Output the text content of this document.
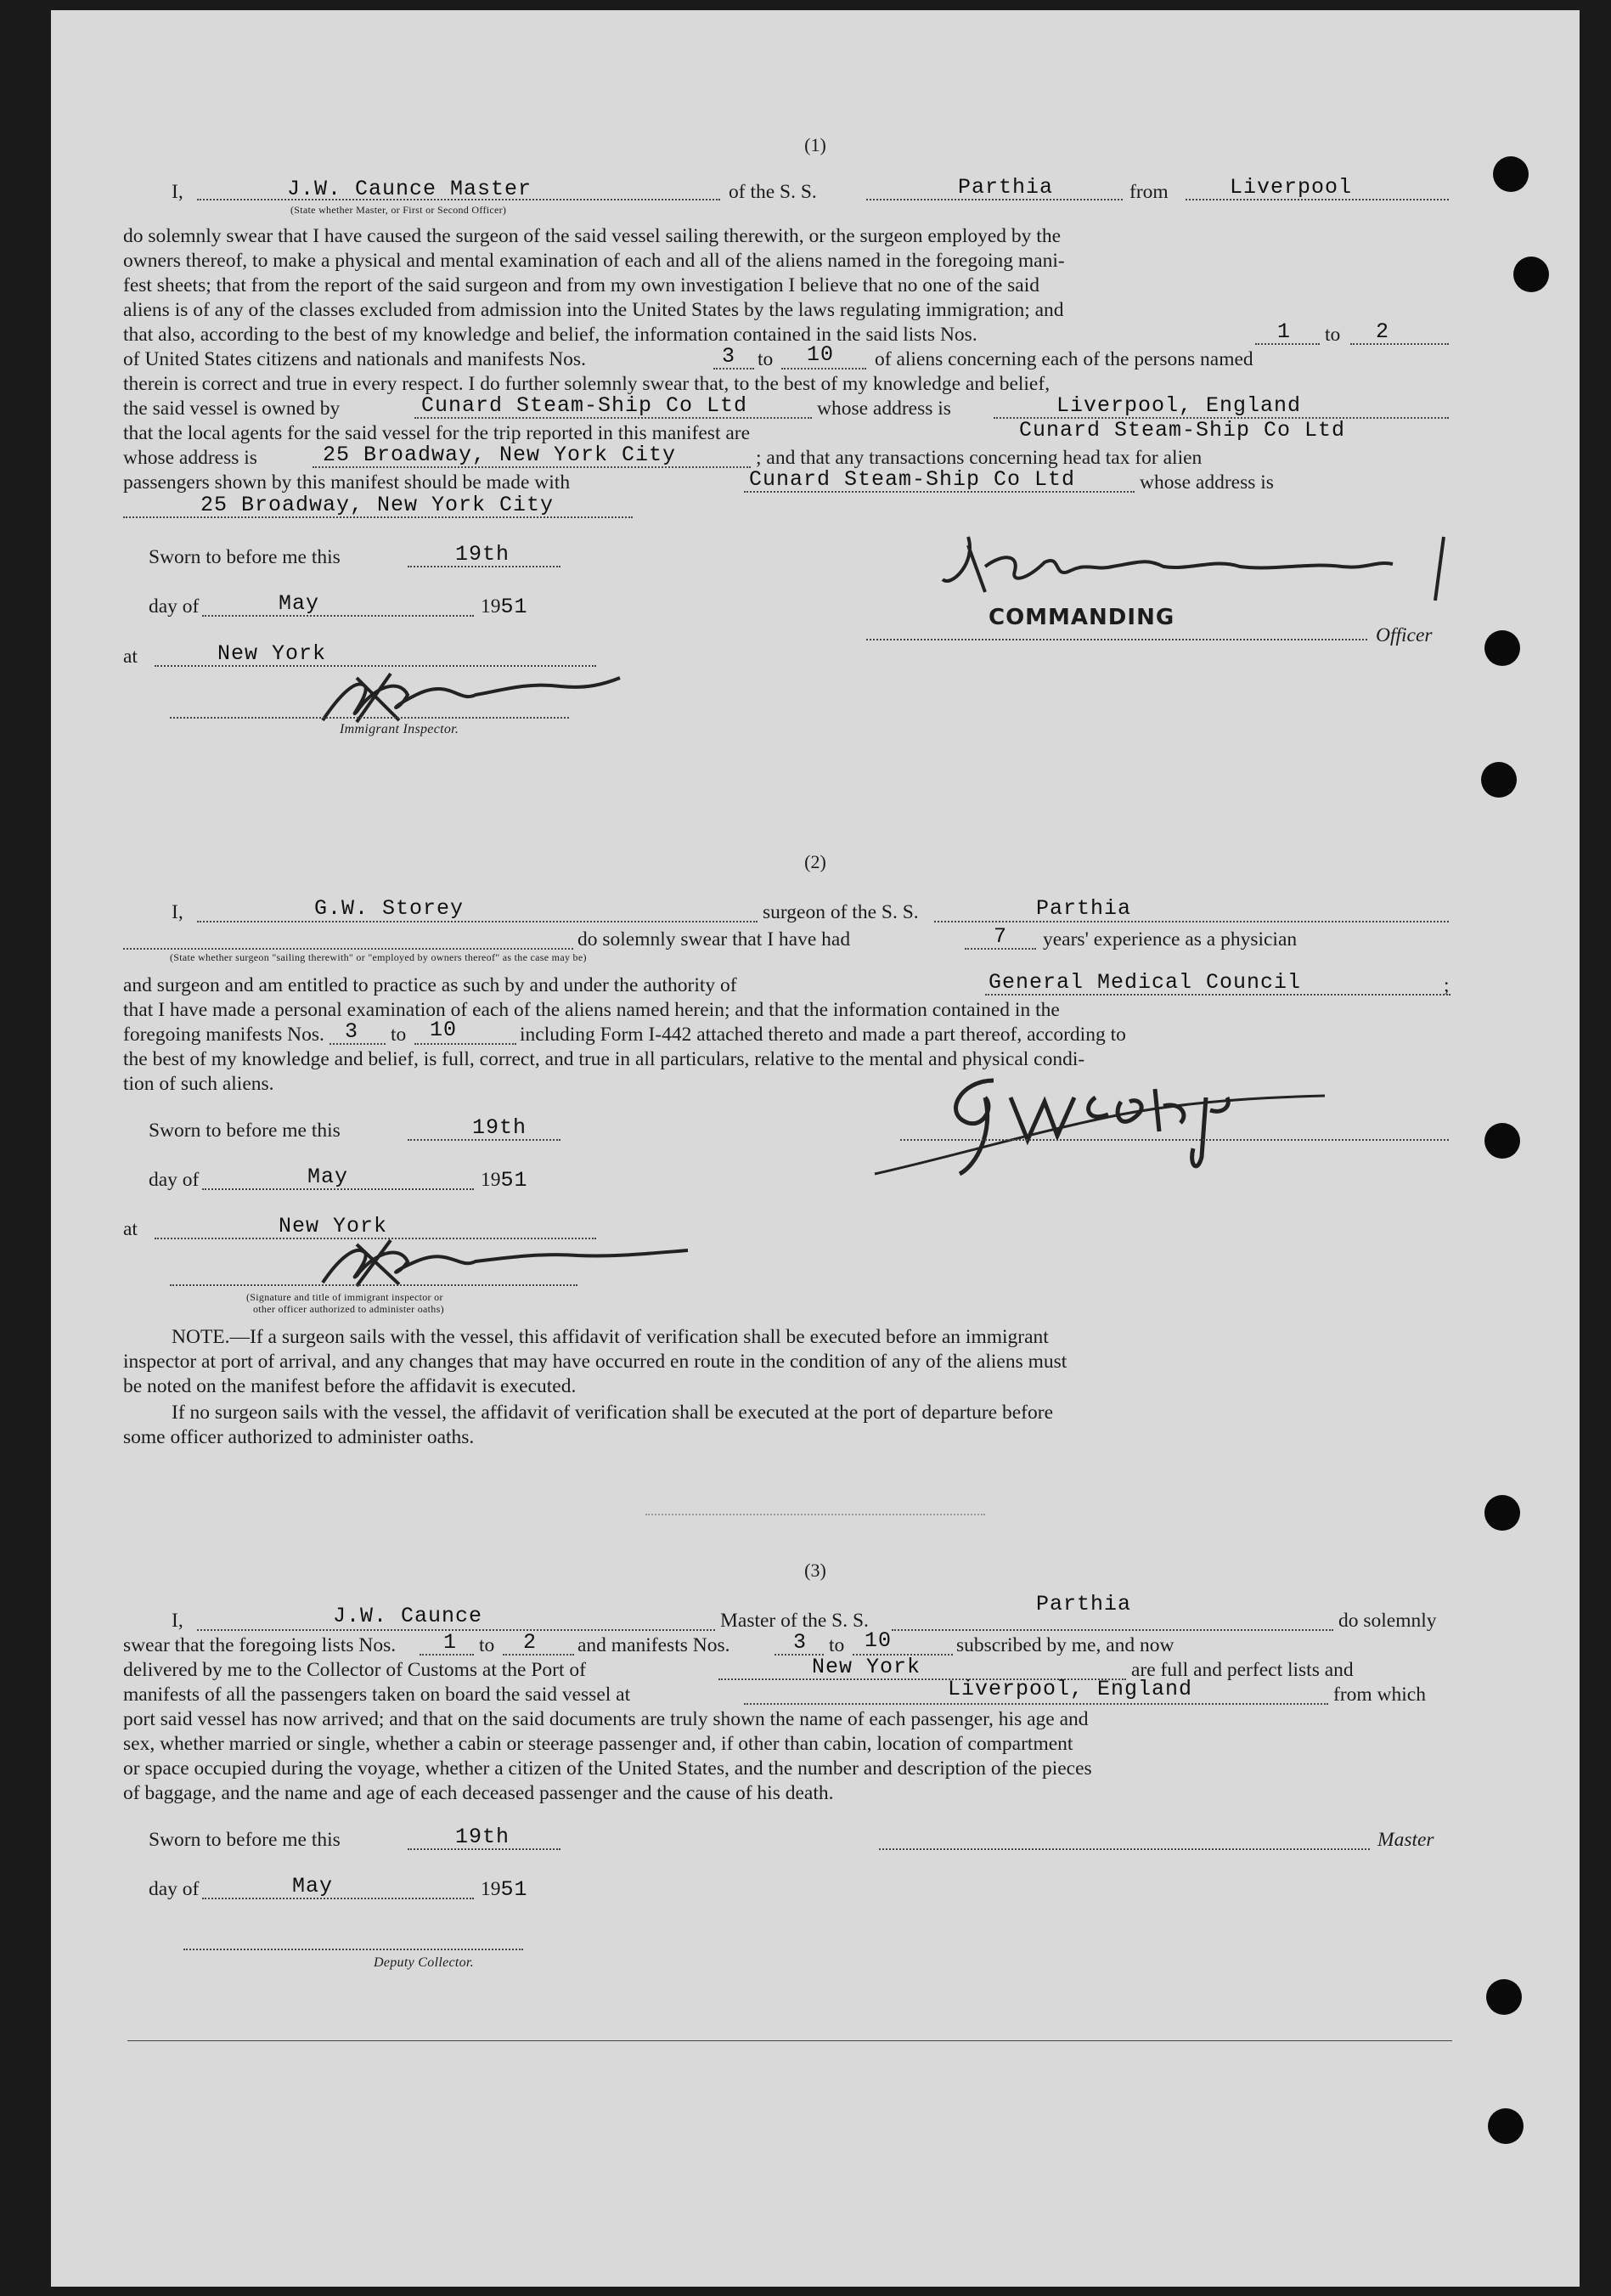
(1)
I,	J.W. Caunce Master	of the S. S.	Parthia	from	Liverpool
(State whether Master, or First or Second Officer)
do solemnly swear that I have caused the surgeon of the said vessel sailing therewith, or the surgeon employed by the
owners thereof, to make a physical and mental examination of each and all of the aliens named in the foregoing mani-
fest sheets; that from the report of the said surgeon and from my own investigation I believe that no one of the said
aliens is of any of the classes excluded from admission into the United States by the laws regulating immigration; and
that also, according to the best of my knowledge and belief, the information contained in the said lists Nos.	1 to 2
of United States citizens and nationals and manifests Nos.	3 to 10 of aliens concerning each of the persons named
therein is correct and true in every respect. I do further solemnly swear that, to the best of my knowledge and belief,
the said vessel is owned by	Cunard Steam-Ship Co Ltd	whose address is	Liverpool, England
that the local agents for the said vessel for the trip reported in this manifest are	Cunard Steam-Ship Co Ltd
whose address is	25 Broadway, New York City	; and that any transactions concerning head tax for alien
passengers shown by this manifest should be made with	Cunard Steam-Ship Co Ltd	whose address is
25 Broadway, New York City
Sworn to before me this	19th
day of	May	1951
at	New York
Immigrant Inspector.
COMMANDING
Officer
(2)
I,	G.W. Storey	surgeon of the S. S.	Parthia
do solemnly swear that I have had	7 years' experience as a physician
(State whether surgeon "sailing therewith" or "employed by owners thereof" as the case may be)
and surgeon and am entitled to practice as such by and under the authority of	General Medical Council	;
that I have made a personal examination of each of the aliens named herein; and that the information contained in the
foregoing manifests Nos. 3 to 10	including Form I-442 attached thereto and made a part thereof, according to
the best of my knowledge and belief, is full, correct, and true in all particulars, relative to the mental and physical condi-
tion of such aliens.
Sworn to before me this	19th
day of	May	1951
at	New York
(Signature and title of immigrant inspector or
other officer authorized to administer oaths)
NOTE.—If a surgeon sails with the vessel, this affidavit of verification shall be executed before an immigrant
inspector at port of arrival, and any changes that may have occurred en route in the condition of any of the aliens must
be noted on the manifest before the affidavit is executed.
If no surgeon sails with the vessel, the affidavit of verification shall be executed at the port of departure before
some officer authorized to administer oaths.
(3)
I,	J.W. Caunce	Master of the S. S.
Parthia
do solemnly
swear that the foregoing lists Nos. 1 to 2 and manifests Nos.	3 to 10	subscribed by me, and now
delivered by me to the Collector of Customs at the Port of	New York	are full and perfect lists and
manifests of all the passengers taken on board the said vessel at	Liverpool, England	from which
port said vessel has now arrived; and that on the said documents are truly shown the name of each passenger, his age and
sex, whether married or single, whether a cabin or steerage passenger and, if other than cabin, location of compartment
or space occupied during the voyage, whether a citizen of the United States, and the number and description of the pieces
of baggage, and the name and age of each deceased passenger and the cause of his death.
Sworn to before me this	19th	Master
day of	May	1951
Deputy Collector.
